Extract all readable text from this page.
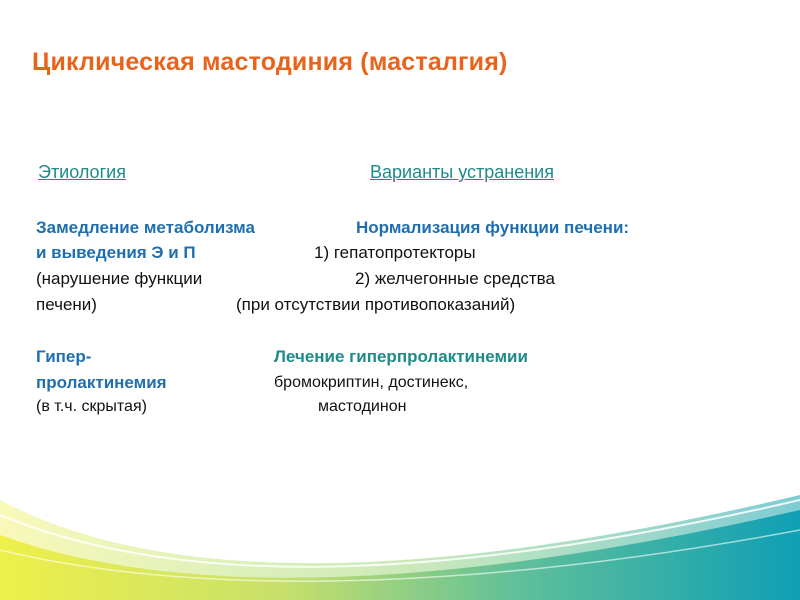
Циклическая мастодиния (масталгия)
Этиология	Варианты устранения
Замедление метаболизма	Нормализация функции печени:
и выведения Э и П	1) гепатопротекторы
(нарушение функции	2) желчегонные средства
печени)	(при отсутствии противопоказаний)
Гипер-	Лечение гиперпролактинемии
пролактинемия	бромокриптин, достинекс,
(в т.ч. скрытая)	мастодинон
